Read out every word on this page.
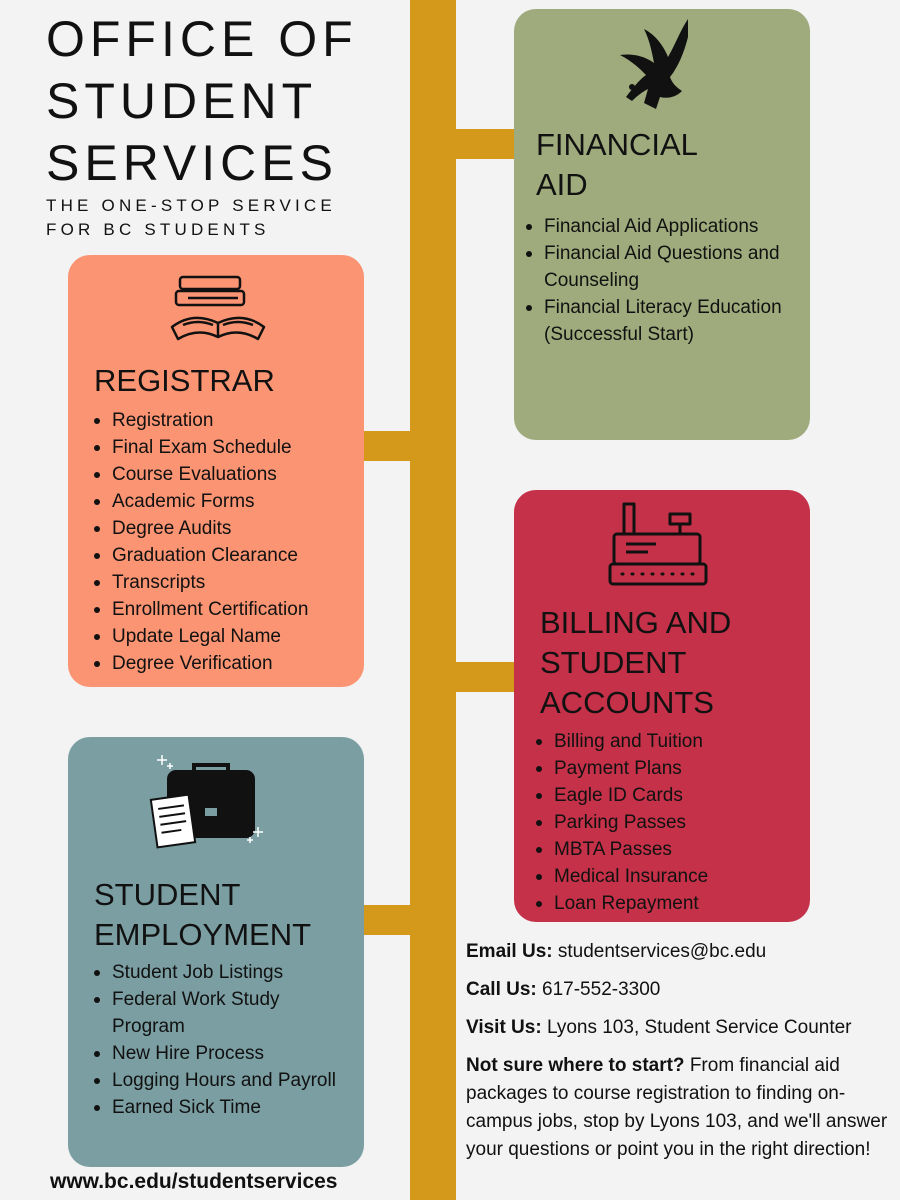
OFFICE OF
STUDENT
SERVICES
THE ONE-STOP SERVICE
FOR BC STUDENTS
REGISTRAR
Registration
Final Exam Schedule
Course Evaluations
Academic Forms
Degree Audits
Graduation Clearance
Transcripts
Enrollment Certification
Update Legal Name
Degree Verification
STUDENT
EMPLOYMENT
Student Job Listings
Federal Work Study Program
New Hire Process
Logging Hours and Payroll
Earned Sick Time
FINANCIAL
AID
Financial Aid Applications
Financial Aid Questions and Counseling
Financial Literacy Education (Successful Start)
BILLING AND
STUDENT
ACCOUNTS
Billing and Tuition
Payment Plans
Eagle ID Cards
Parking Passes
MBTA Passes
Medical Insurance
Loan Repayment

Email Us: studentservices@bc.edu

Call Us: 617-552-3300

Visit Us: Lyons 103, Student Service Counter

Not sure where to start? From financial aid packages to course registration to finding on-campus jobs, stop by Lyons 103, and we'll answer your questions or point you in the right direction!

www.bc.edu/studentservices
